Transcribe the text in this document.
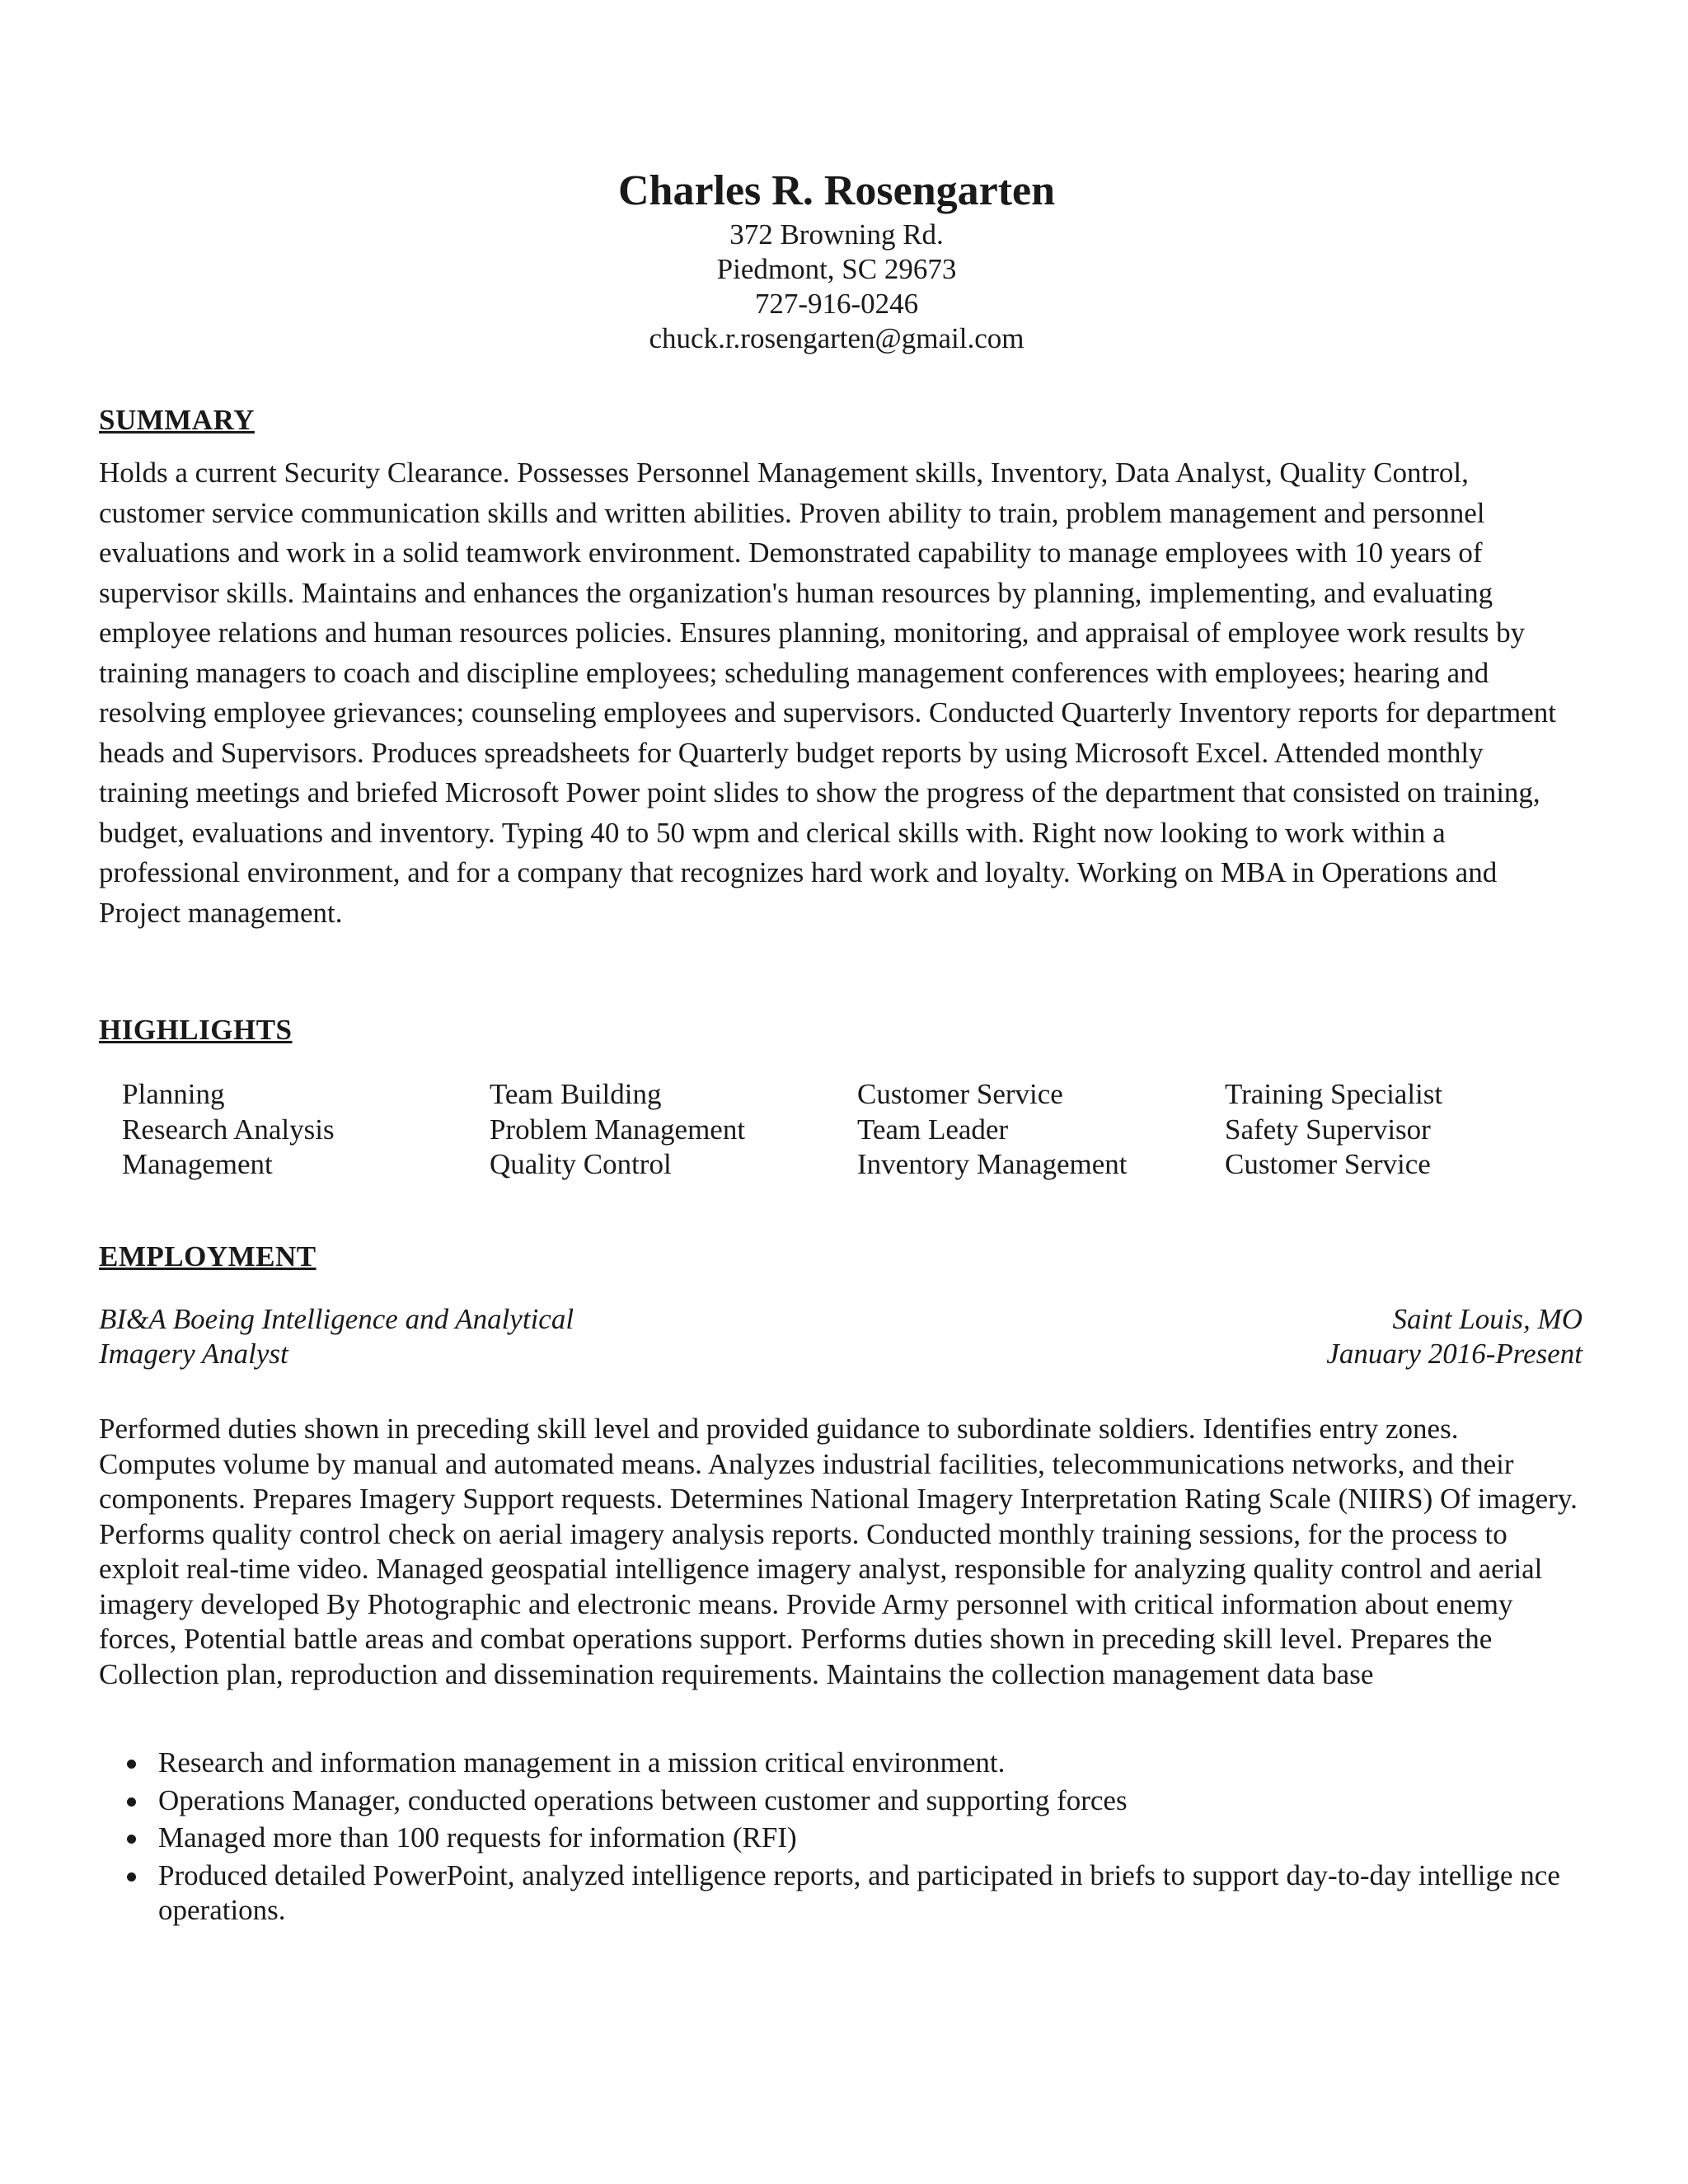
Charles R. Rosengarten

372 Browning Rd.

Piedmont, SC 29673

727-916-0246

chuck.r.rosengarten@gmail.com

SUMMARY

Holds a current Security Clearance. Possesses Personnel Management skills, Inventory, Data Analyst, Quality Control, customer service communication skills and written abilities. Proven ability to train, problem management and personnel evaluations and work in a solid teamwork environment. Demonstrated capability to manage employees with 10 years of supervisor skills. Maintains and enhances the organization's human resources by planning, implementing, and evaluating employee relations and human resources policies. Ensures planning, monitoring, and appraisal of employee work results by training managers to coach and discipline employees; scheduling management conferences with employees; hearing and resolving employee grievances; counseling employees and supervisors. Conducted Quarterly Inventory reports for department heads and Supervisors. Produces spreadsheets for Quarterly budget reports by using Microsoft Excel. Attended monthly training meetings and briefed Microsoft Power point slides to show the progress of the department that consisted on training, budget, evaluations and inventory. Typing 40 to 50 wpm and clerical skills with. Right now looking to work within a professional environment, and for a company that recognizes hard work and loyalty. Working on MBA in Operations and Project management.

HIGHLIGHTS

Planning
Research Analysis
Management
Team Building
Problem Management
Quality Control
Customer Service
Team Leader
Inventory Management
Training Specialist
Safety Supervisor
Customer Service

EMPLOYMENT

BI&A Boeing Intelligence and Analytical	Saint Louis, MO
Imagery Analyst	January 2016-Present

Performed duties shown in preceding skill level and provided guidance to subordinate soldiers. Identifies entry zones. Computes volume by manual and automated means. Analyzes industrial facilities, telecommunications networks, and their components. Prepares Imagery Support requests. Determines National Imagery Interpretation Rating Scale (NIIRS) Of imagery. Performs quality control check on aerial imagery analysis reports. Conducted monthly training sessions, for the process to exploit real-time video. Managed geospatial intelligence imagery analyst, responsible for analyzing quality control and aerial imagery developed By Photographic and electronic means. Provide Army personnel with critical information about enemy forces, Potential battle areas and combat operations support. Performs duties shown in preceding skill level. Prepares the Collection plan, reproduction and dissemination requirements. Maintains the collection management data base

Research and information management in a mission critical environment.
Operations Manager, conducted operations between customer and supporting forces
Managed more than 100 requests for information (RFI)
Produced detailed PowerPoint, analyzed intelligence reports, and participated in briefs to support day-to-day intellige nce operations.
